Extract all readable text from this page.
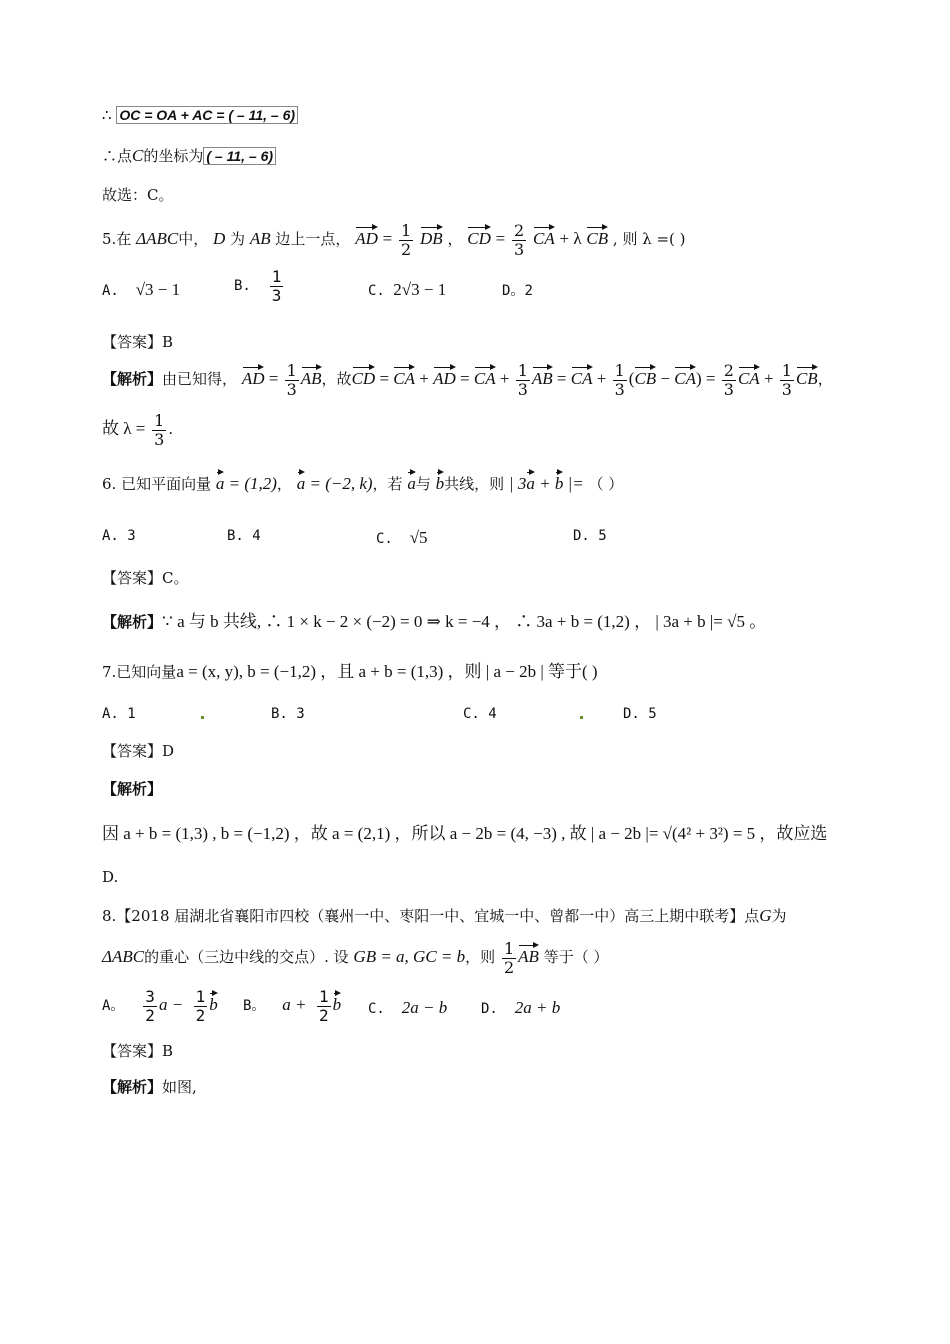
∴ OC = OA + AC = ( – 11, – 6)
∴点C的坐标为 ( – 11, – 6)
故选：C。
5.在 ΔABC中， D 为 AB 边上一点， AD = $\frac{1}{2}$ DB ， CD = $\frac{2}{3}$ CA + λ CB , 则 λ =( )
A. √3 − 1	B. $\frac{1}{3}$	C. 2√3 − 1	D。2
【答案】B
【解析】由已知得， AD = $\frac{1}{3}$ AB，故CD = CA + AD = CA + $\frac{1}{3}$ AB = CA + $\frac{1}{3} (CB - CA) = \frac{2}{3}$ CA + $\frac{1}{3}$ CB，
故 $\lambda = \frac{1}{3}$ .
6. 已知平面向量 a = (1,2)， a = (−2, k)，若 a与 b共线，则 | 3a + b |= （ ）
A. 3	B. 4	C. √5	D. 5
【答案】C。
【解析】∵ a 与 b 共线, ∴ 1 × k − 2 × (−2) = 0 ⇒ k = −4 ， ∴ 3a + b = (1,2) ， | 3a + b |= √5 。
7.已知向量a = (x, y), b = (−1,2) ，且 a + b = (1,3) ，则 | a − 2b | 等于( )
A. 1	B. 3	C. 4	D. 5
【答案】D
【解析】
因 a + b = (1,3) , b = (−1,2) ，故 a = (2,1) ，所以 a − 2b = (4, −3) , 故 | a − 2b |= √(4² + 3²) = 5 ，故应选
D.
8.【2018 届湖北省襄阳市四校（襄州一中、枣阳一中、宜城一中、曾都一中）高三上期中联考】点G为
ΔABC的重心（三边中线的交点）. 设 GB = a, GC = b，则 $\frac{1}{2}$ AB 等于（ ）
A。 $\frac{3}{2}$ $a - \frac{1}{2}$ b B。 $a + \frac{1}{2}$ b C. 2a − b D. 2a + b
【答案】B
【解析】如图,
